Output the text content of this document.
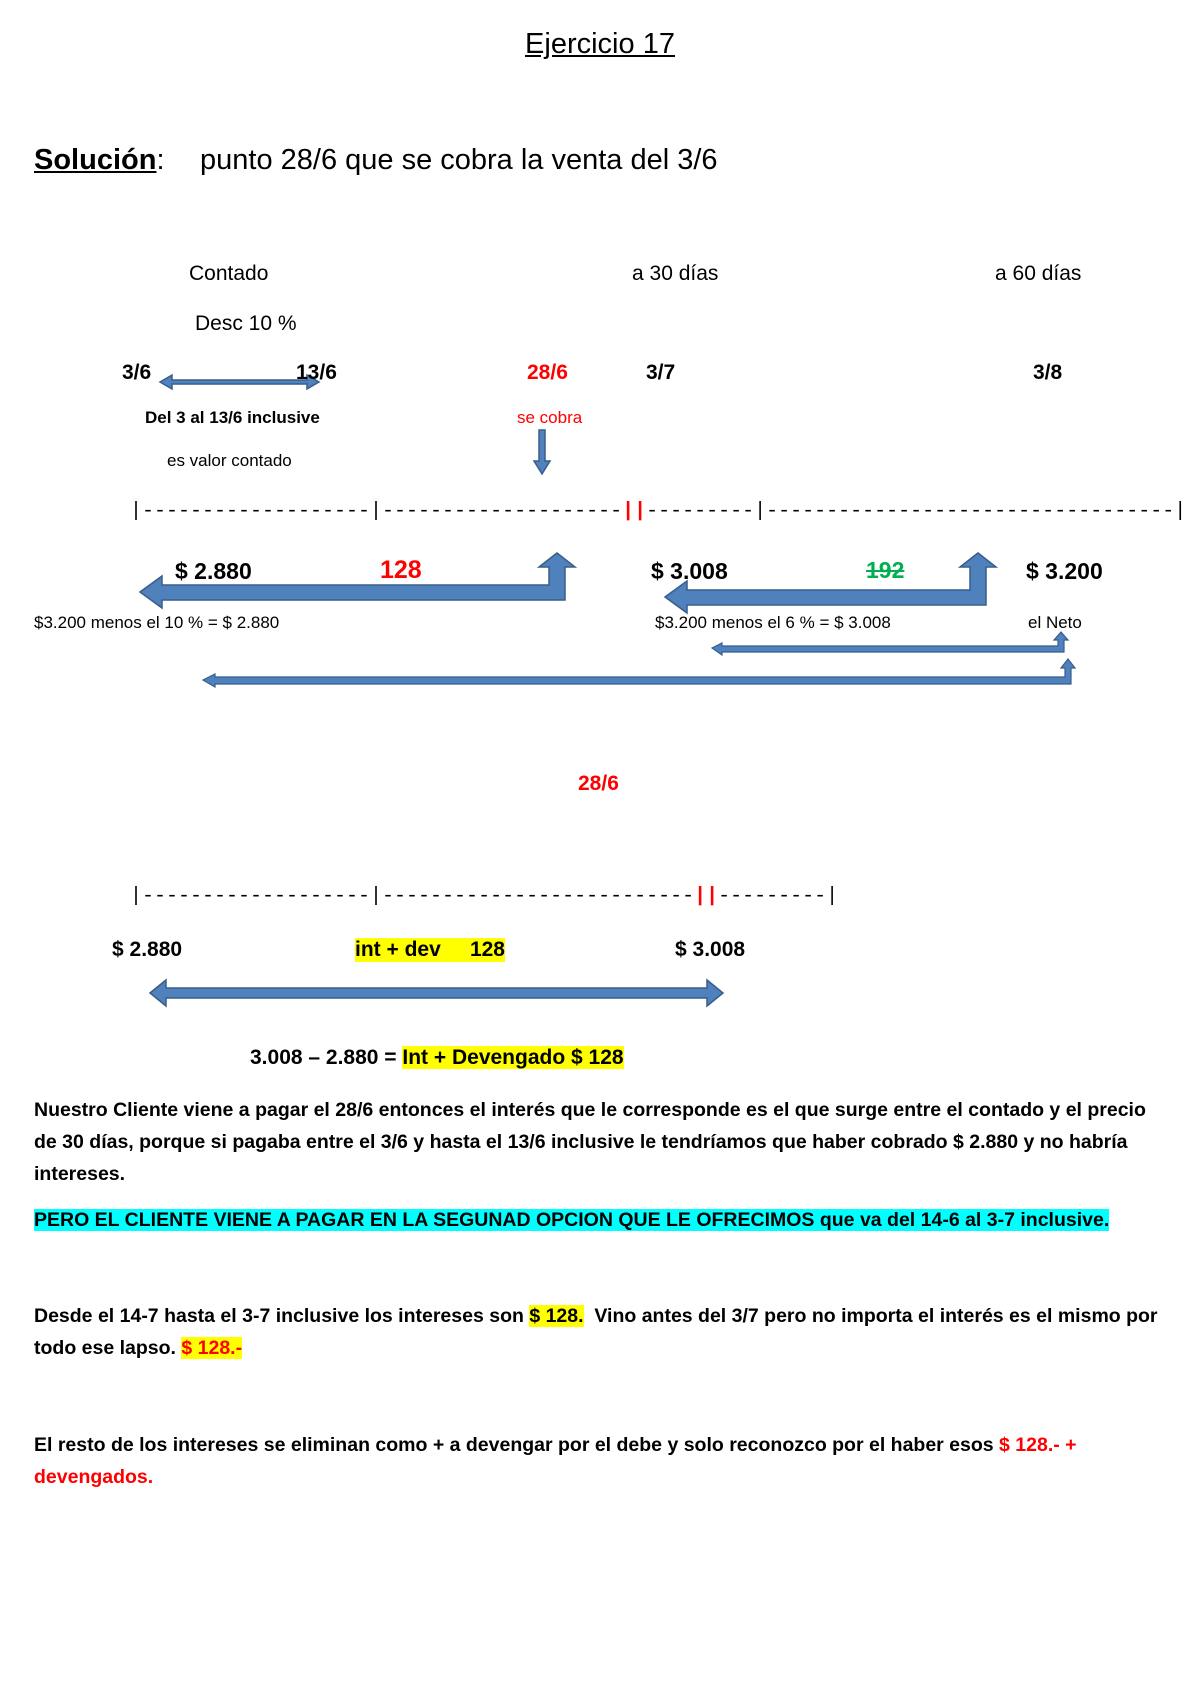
Ejercicio 17
Solución: punto 28/6 que se cobra la venta del 3/6
Contado
Desc 10 %
a 30 días	a 60 días
3/6	13/6	28/6	3/7	3/8
Del 3 al 13/6 inclusive
es valor contado
se cobra
|-------------------|--------------------||---------|----------------------------------|
$ 2.880	128	$ 3.008	192	$ 3.200
$3.200 menos el 10 % = $ 2.880	$3.200 menos el 6 % = $ 3.008	el Neto
28/6
|-------------------|--------------------------||---------|
$ 2.880	int + dev     128	$ 3.008
3.008 – 2.880 = Int + Devengado $ 128
Nuestro Cliente viene a pagar el 28/6 entonces el interés que le corresponde es el que surge entre el contado y el precio de 30 días, porque si pagaba entre el 3/6 y hasta el 13/6 inclusive le tendríamos que haber cobrado $ 2.880 y no habría intereses.
PERO EL CLIENTE VIENE A PAGAR EN LA SEGUNAD OPCION QUE LE OFRECIMOS que va del 14-6 al 3-7 inclusive.
Desde el 14-7 hasta el 3-7 inclusive los intereses son $ 128.  Vino antes del 3/7 pero no importa el interés es el mismo por todo ese lapso. $ 128.-
El resto de los intereses se eliminan como + a devengar por el debe y solo reconozco por el haber esos $ 128.- + devengados.
